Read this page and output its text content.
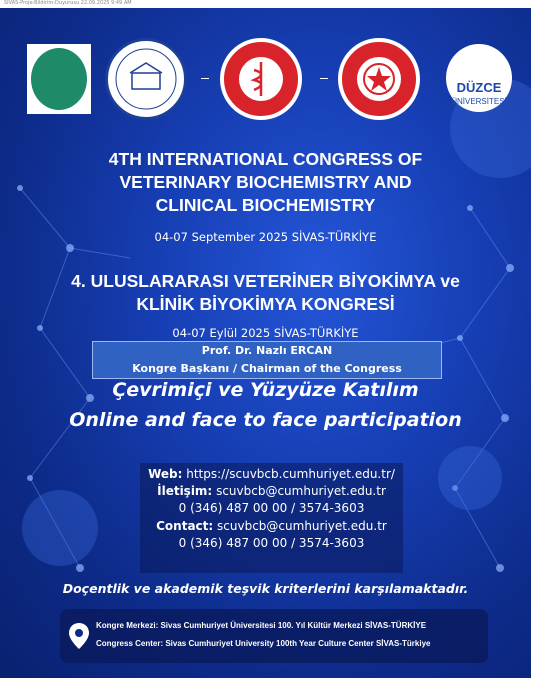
SIVAS-Proje-Bildirim-Duyurusu 22.09.2025 9:49 AM
DÜZCE
ÜNİVERSİTESİ
4TH INTERNATIONAL CONGRESS OF
VETERINARY BIOCHEMISTRY AND
CLINICAL BIOCHEMISTRY
04-07 September 2025 SİVAS-TÜRKİYE
4. ULUSLARARASI VETERİNER BİYOKİMYA ve
KLİNİK BİYOKİMYA KONGRESİ
04-07 Eylül 2025 SİVAS-TÜRKİYE
Prof. Dr. Nazlı ERCAN
Kongre Başkanı / Chairman of the Congress
Çevrimiçi ve Yüzyüze Katılım
Online and face to face participation
Web: https://scuvbcb.cumhuriyet.edu.tr/
İletişim: scuvbcb@cumhuriyet.edu.tr
0 (346) 487 00 00 / 3574-3603
Contact: scuvbcb@cumhuriyet.edu.tr
0 (346) 487 00 00 / 3574-3603
Doçentlik ve akademik teşvik kriterlerini karşılamaktadır.
Kongre Merkezi: Sivas Cumhuriyet Üniversitesi 100. Yıl Kültür Merkezi SİVAS-TÜRKİYE
Congress Center: Sivas Cumhuriyet University 100th Year Culture Center SİVAS-Türkiye
